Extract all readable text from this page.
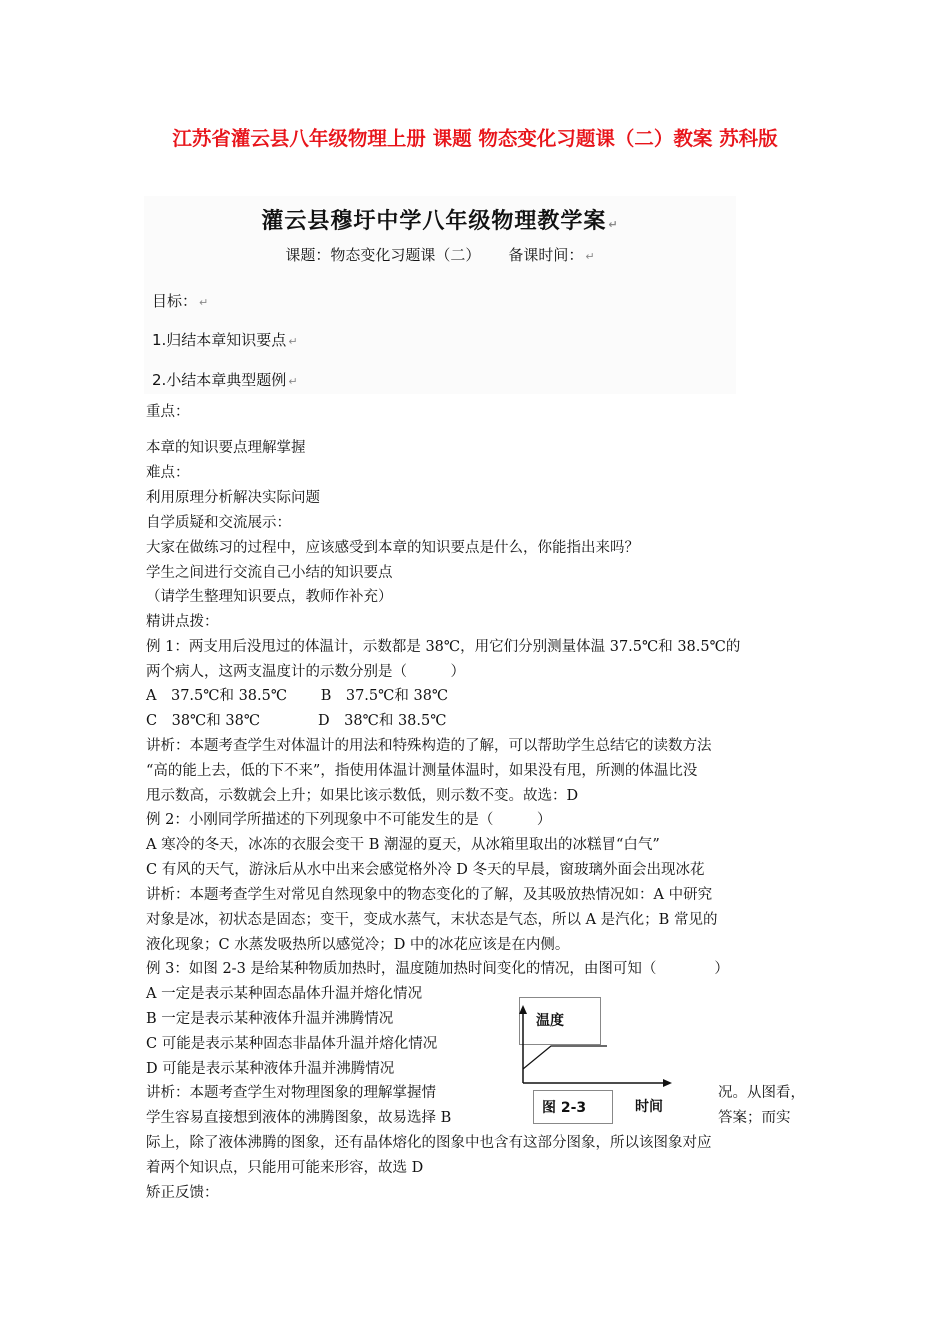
江苏省灌云县八年级物理上册 课题 物态变化习题课（二）教案 苏科版
灌云县穆圩中学八年级物理教学案 ↵
课题：物态变化习题课（二） 备课时间： ↵
目标： ↵
1.归结本章知识要点 ↵
2.小结本章典型题例 ↵
重点：
本章的知识要点理解掌握
难点：
利用原理分析解决实际问题
自学质疑和交流展示：
大家在做练习的过程中，应该感受到本章的知识要点是什么，你能指出来吗？
学生之间进行交流自己小结的知识要点
（请学生整理知识要点，教师作补充）
精讲点拨：
例 1：两支用后没甩过的体温计，示数都是 38℃，用它们分别测量体温 37.5℃和 38.5℃的
两个病人，这两支温度计的示数分别是（　　　）
A　37.5℃和 38.5℃　　 B　37.5℃和 38℃
C　38℃和 38℃　　　　D　38℃和 38.5℃
讲析：本题考查学生对体温计的用法和特殊构造的了解，可以帮助学生总结它的读数方法
“高的能上去，低的下不来”，指使用体温计测量体温时，如果没有甩，所测的体温比没
甩示数高，示数就会上升；如果比该示数低，则示数不变。故选：D
例 2：小刚同学所描述的下列现象中不可能发生的是（　　　）
A 寒冷的冬天，冰冻的衣服会变干 B 潮湿的夏天，从冰箱里取出的冰糕冒“白气”
C 有风的天气，游泳后从水中出来会感觉格外冷 D 冬天的早晨，窗玻璃外面会出现冰花
讲析：本题考查学生对常见自然现象中的物态变化的了解，及其吸放热情况如：A 中研究
对象是冰，初状态是固态；变干，变成水蒸气，末状态是气态，所以 A 是汽化；B 常见的
液化现象；C 水蒸发吸热所以感觉冷；D 中的冰花应该是在内侧。
例 3：如图 2-3 是给某种物质加热时，温度随加热时间变化的情况，由图可知（　　　　）
A 一定是表示某种固态晶体升温并熔化情况
B 一定是表示某种液体升温并沸腾情况
C 可能是表示某种固态非晶体升温并熔化情况
D 可能是表示某种液体升温并沸腾情况
讲析：本题考查学生对物理图象的理解掌握情
学生容易直接想到液体的沸腾图象，故易选择 B
际上，除了液体沸腾的图象，还有晶体熔化的图象中也含有这部分图象，所以该图象对应
着两个知识点，只能用可能来形容，故选 D
矫正反馈：
况。从图看，
答案；而实
温度
图 2-3	时间
